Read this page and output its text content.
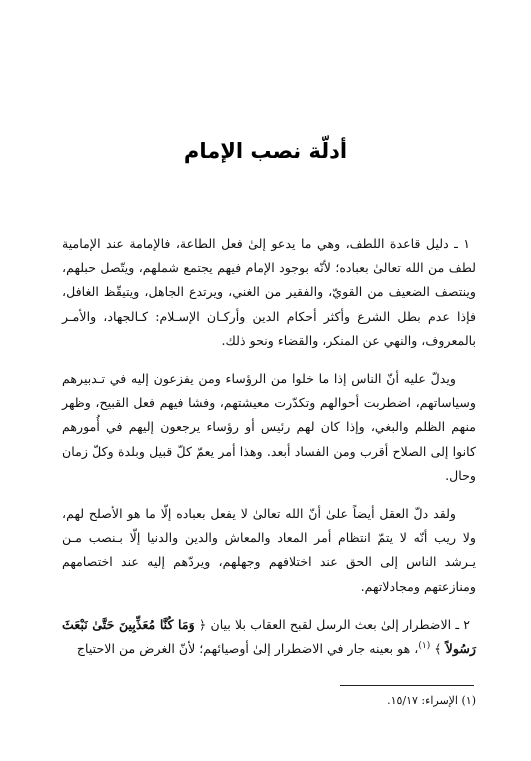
أدلّة نصب الإمام

١ ـ دليل قاعدة اللطف، وهي ما يدعو إلىٰ فعل الطاعة، فالإمامة عند الإمامية لطف من الله تعالىٰ بعباده؛ لأنّه بوجود الإمام فيهم يجتمع شملهم، ويتّصل حبلهم، وينتصف الضعيف من القويّ، والفقير من الغني، ويرتدع الجاهل، ويتيقّظ الغافل، فإذا عدم بطل الشرع وأكثر أحكام الدين وأركـان الإسـلام: كـالجهاد، والأمـر بالمعروف، والنهي عن المنكر، والقضاء ونحو ذلك.

ويدلّ عليه أنّ الناس إذا ما خلوا من الرؤساء ومن يفزعون إليه في تـدبيرهم وسياساتهم، اضطربت أحوالهم وتكدّرت معيشتهم، وفشا فيهم فعل القبيح، وظهر منهم الظلم والبغي، وإذا كان لهم رئيس أو رؤساء يرجعون إليهم في أُمورهم كانوا إلى الصلاح أقرب ومن الفساد أبعد. وهذا أمر يعمّ كلّ قبيل وبلدة وكلّ زمان وحال.

ولقد دلّ العقل أيضاً علىٰ أنّ الله تعالىٰ لا يفعل بعباده إلّا ما هو الأصلح لهم، ولا ريب أنّه لا يتمّ انتظام أمر المعاد والمعاش والدين والدنيا إلّا بـنصب مـن يـرشد الناس إلى الحق عند اختلافهم وجهلهم، ويردّهم إليه عند اختصامهم ومنازعتهم ومجادلاتهم.

٢ ـ الاضطرار إلىٰ بعث الرسل لقبح العقاب بلا بيان ﴿ وَمَا كُنَّا مُعَذِّبِينَ حَتَّىٰ نَبْعَثَ رَسُولاً ﴾ $^{(١)}$، هو بعينه جار في الاضطرار إلىٰ أوصيائهم؛ لأنّ الغرض من الاحتياج

(١) الإسراء: ١٥/١٧.
